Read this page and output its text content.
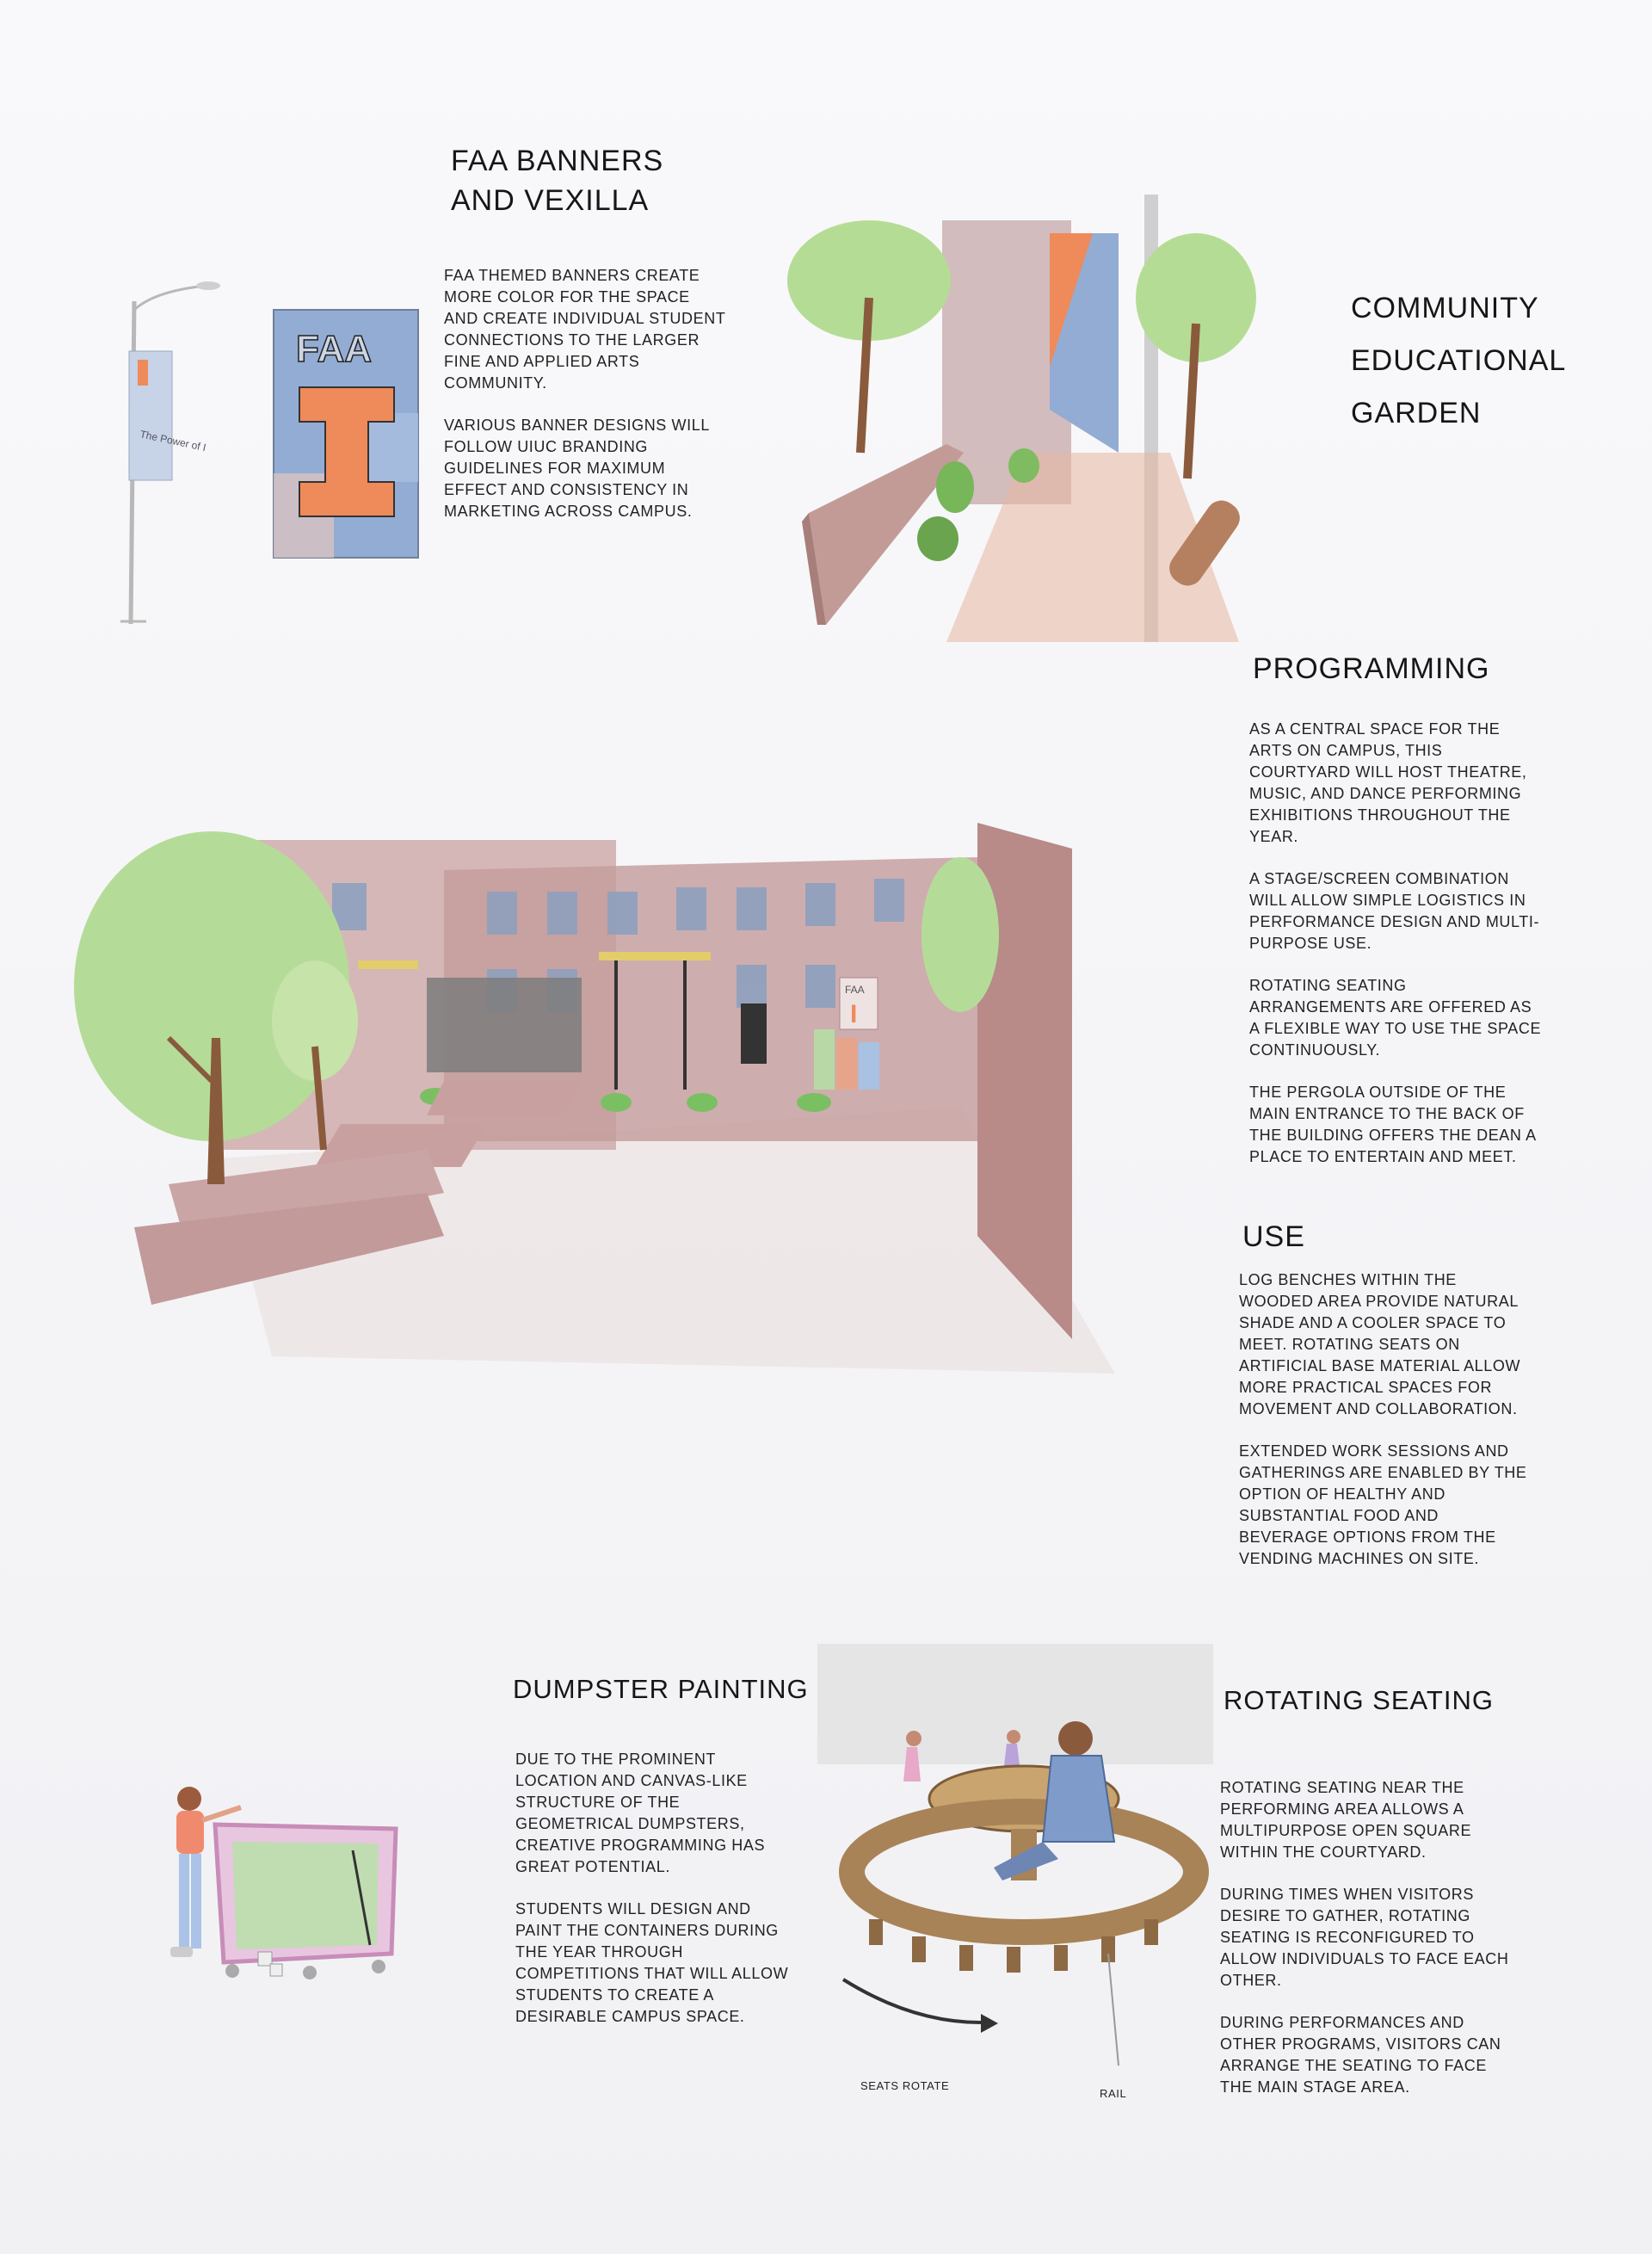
FAA BANNERS
AND VEXILLA

FAA THEMED BANNERS CREATE MORE COLOR FOR THE SPACE AND CREATE INDIVIDUAL STUDENT CONNECTIONS TO THE LARGER FINE AND APPLIED ARTS COMMUNITY.

VARIOUS BANNER DESIGNS WILL FOLLOW UIUC BRANDING GUIDELINES FOR MAXIMUM EFFECT AND CONSISTENCY IN MARKETING ACROSS CAMPUS.

The Power of I
FAA
COMMUNITY
EDUCATIONAL
GARDEN
PROGRAMMING

AS A CENTRAL SPACE FOR THE ARTS ON CAMPUS, THIS COURTYARD WILL HOST THEATRE, MUSIC, AND DANCE PERFORMING EXHIBITIONS THROUGHOUT THE YEAR.

A STAGE/SCREEN COMBINATION WILL ALLOW SIMPLE LOGISTICS IN PERFORMANCE DESIGN AND MULTI-PURPOSE USE.

ROTATING SEATING ARRANGEMENTS ARE OFFERED AS A FLEXIBLE WAY TO USE THE SPACE CONTINUOUSLY.

THE PERGOLA OUTSIDE OF THE MAIN ENTRANCE TO THE BACK OF THE BUILDING OFFERS THE DEAN A PLACE TO ENTERTAIN AND MEET.

FAA
I
USE

LOG BENCHES WITHIN THE WOODED AREA PROVIDE NATURAL SHADE AND A COOLER SPACE TO MEET. ROTATING SEATS ON ARTIFICIAL BASE MATERIAL ALLOW MORE PRACTICAL SPACES FOR MOVEMENT AND COLLABORATION.

EXTENDED WORK SESSIONS AND GATHERINGS ARE ENABLED BY THE OPTION OF HEALTHY AND SUBSTANTIAL FOOD AND BEVERAGE OPTIONS FROM THE VENDING MACHINES ON SITE.

DUMPSTER PAINTING

DUE TO THE PROMINENT LOCATION AND CANVAS-LIKE STRUCTURE OF THE GEOMETRICAL DUMPSTERS, CREATIVE PROGRAMMING HAS GREAT POTENTIAL.

STUDENTS WILL DESIGN AND PAINT THE CONTAINERS DURING THE YEAR THROUGH COMPETITIONS THAT WILL ALLOW STUDENTS TO CREATE A DESIRABLE CAMPUS SPACE.

ROTATING SEATING

ROTATING SEATING NEAR THE PERFORMING AREA ALLOWS A MULTIPURPOSE OPEN SQUARE WITHIN THE COURTYARD.

DURING TIMES WHEN VISITORS DESIRE TO GATHER, ROTATING SEATING IS RECONFIGURED TO ALLOW INDIVIDUALS TO FACE EACH OTHER.

DURING PERFORMANCES AND OTHER PROGRAMS, VISITORS CAN ARRANGE THE SEATING TO FACE THE MAIN STAGE AREA.

SEATS ROTATE
RAIL
